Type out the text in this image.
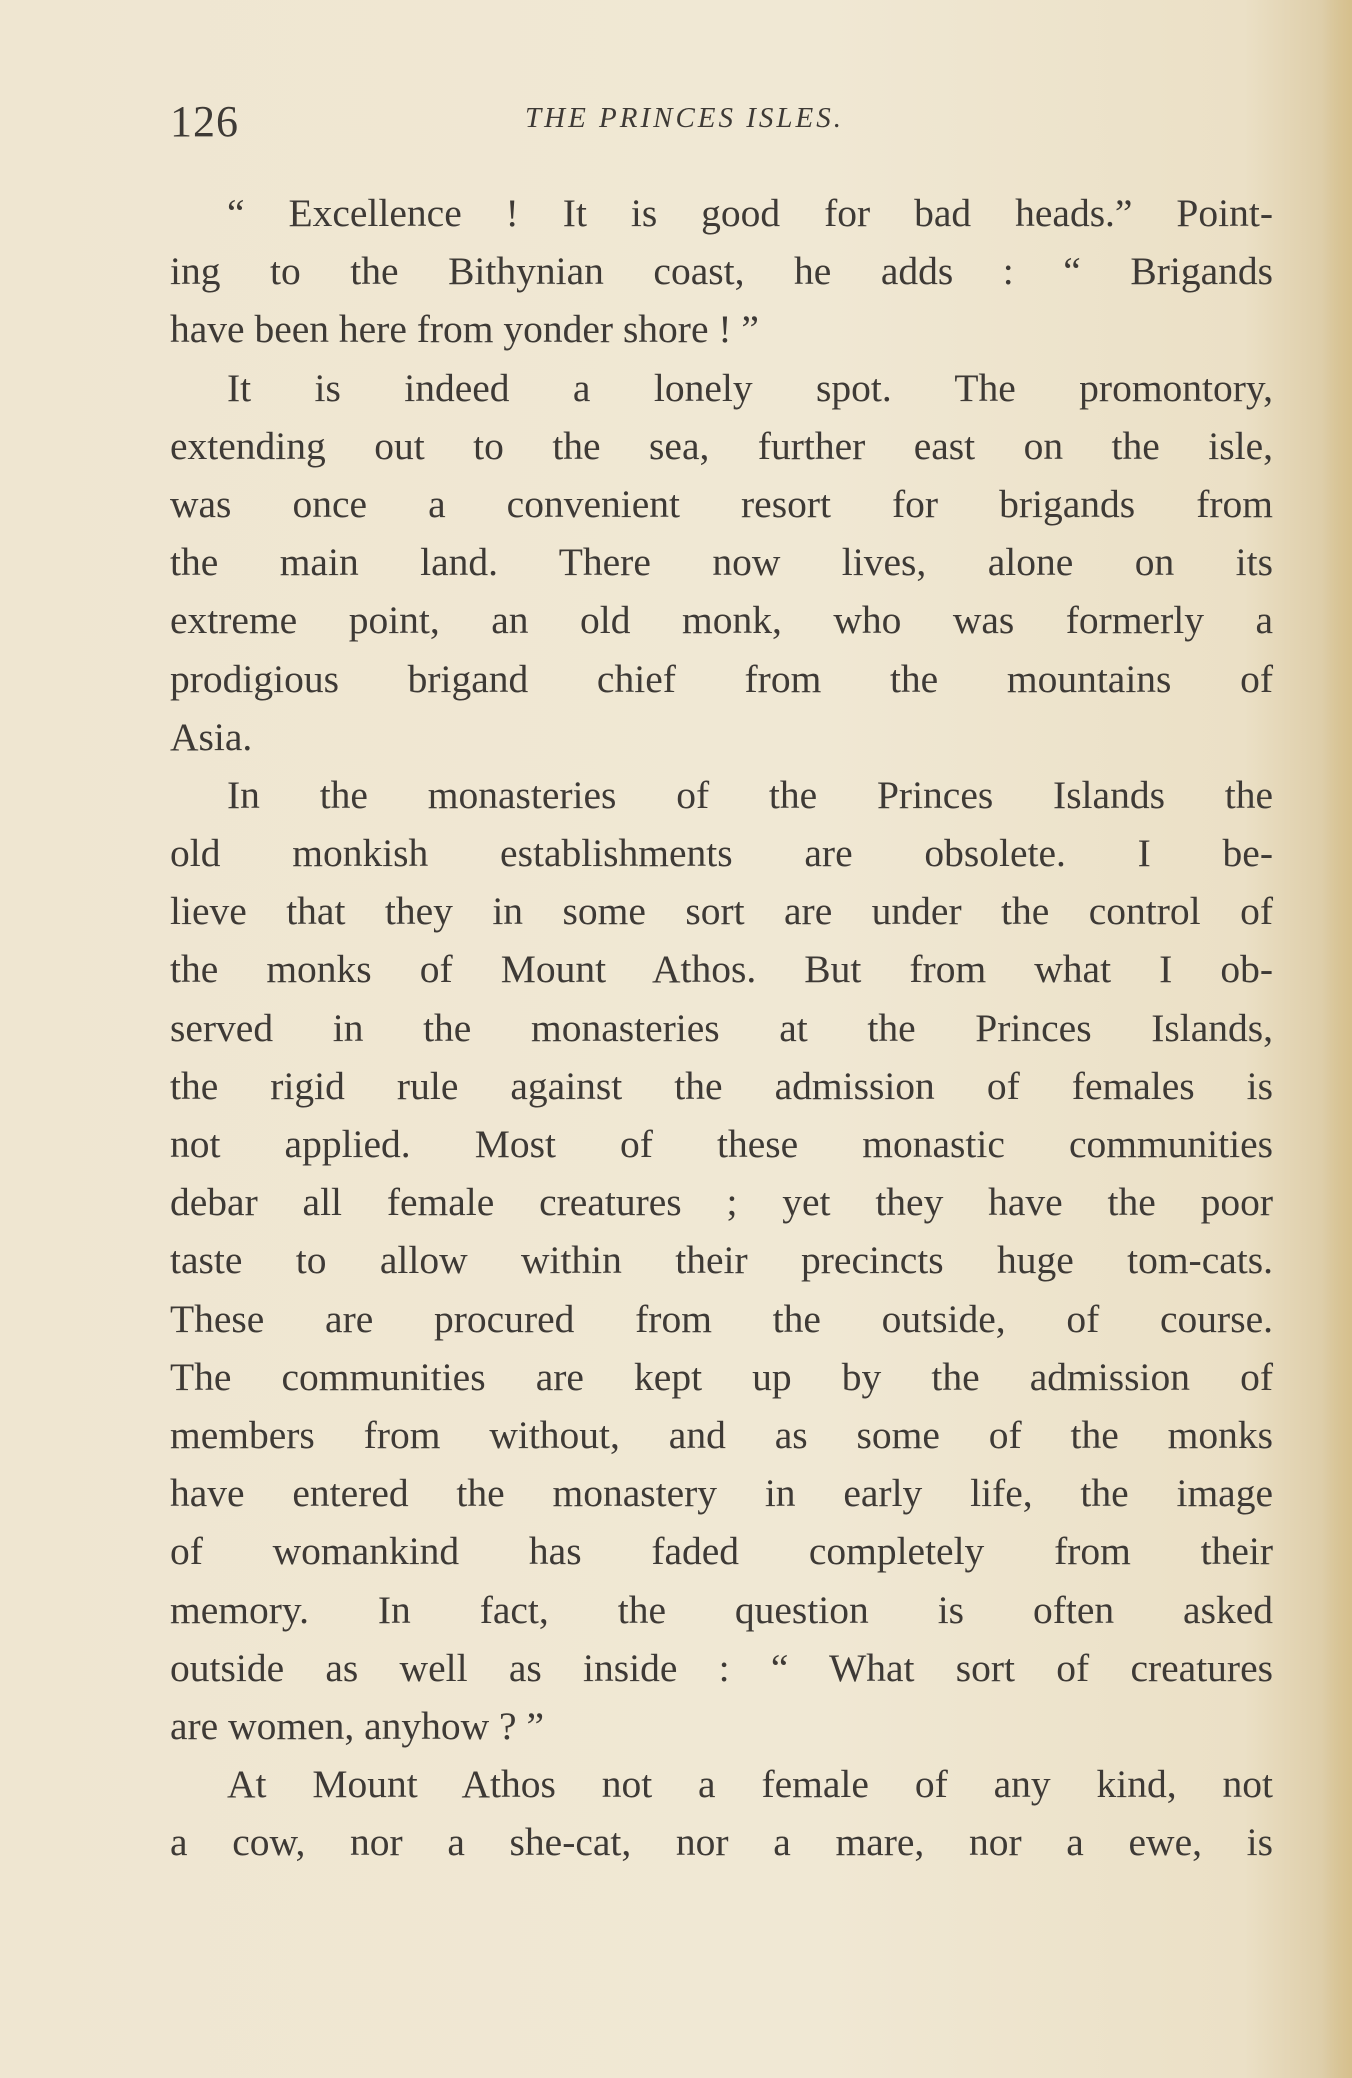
126	THE PRINCES ISLES.
“ Excellence ! It is good for bad heads.” Point-
ing to the Bithynian coast, he adds : “ Brigands
have been here from yonder shore ! ”
It is indeed a lonely spot. The promontory,
extending out to the sea, further east on the isle,
was once a convenient resort for brigands from
the main land. There now lives, alone on its
extreme point, an old monk, who was formerly a
prodigious brigand chief from the mountains of
Asia.
In the monasteries of the Princes Islands the
old monkish establishments are obsolete. I be-
lieve that they in some sort are under the control of
the monks of Mount Athos. But from what I ob-
served in the monasteries at the Princes Islands,
the rigid rule against the admission of females is
not applied. Most of these monastic communities
debar all female creatures ; yet they have the poor
taste to allow within their precincts huge tom-cats.
These are procured from the outside, of course.
The communities are kept up by the admission of
members from without, and as some of the monks
have entered the monastery in early life, the image
of womankind has faded completely from their
memory. In fact, the question is often asked
outside as well as inside : “ What sort of creatures
are women, anyhow ? ”
At Mount Athos not a female of any kind, not
a cow, nor a she-cat, nor a mare, nor a ewe, is
